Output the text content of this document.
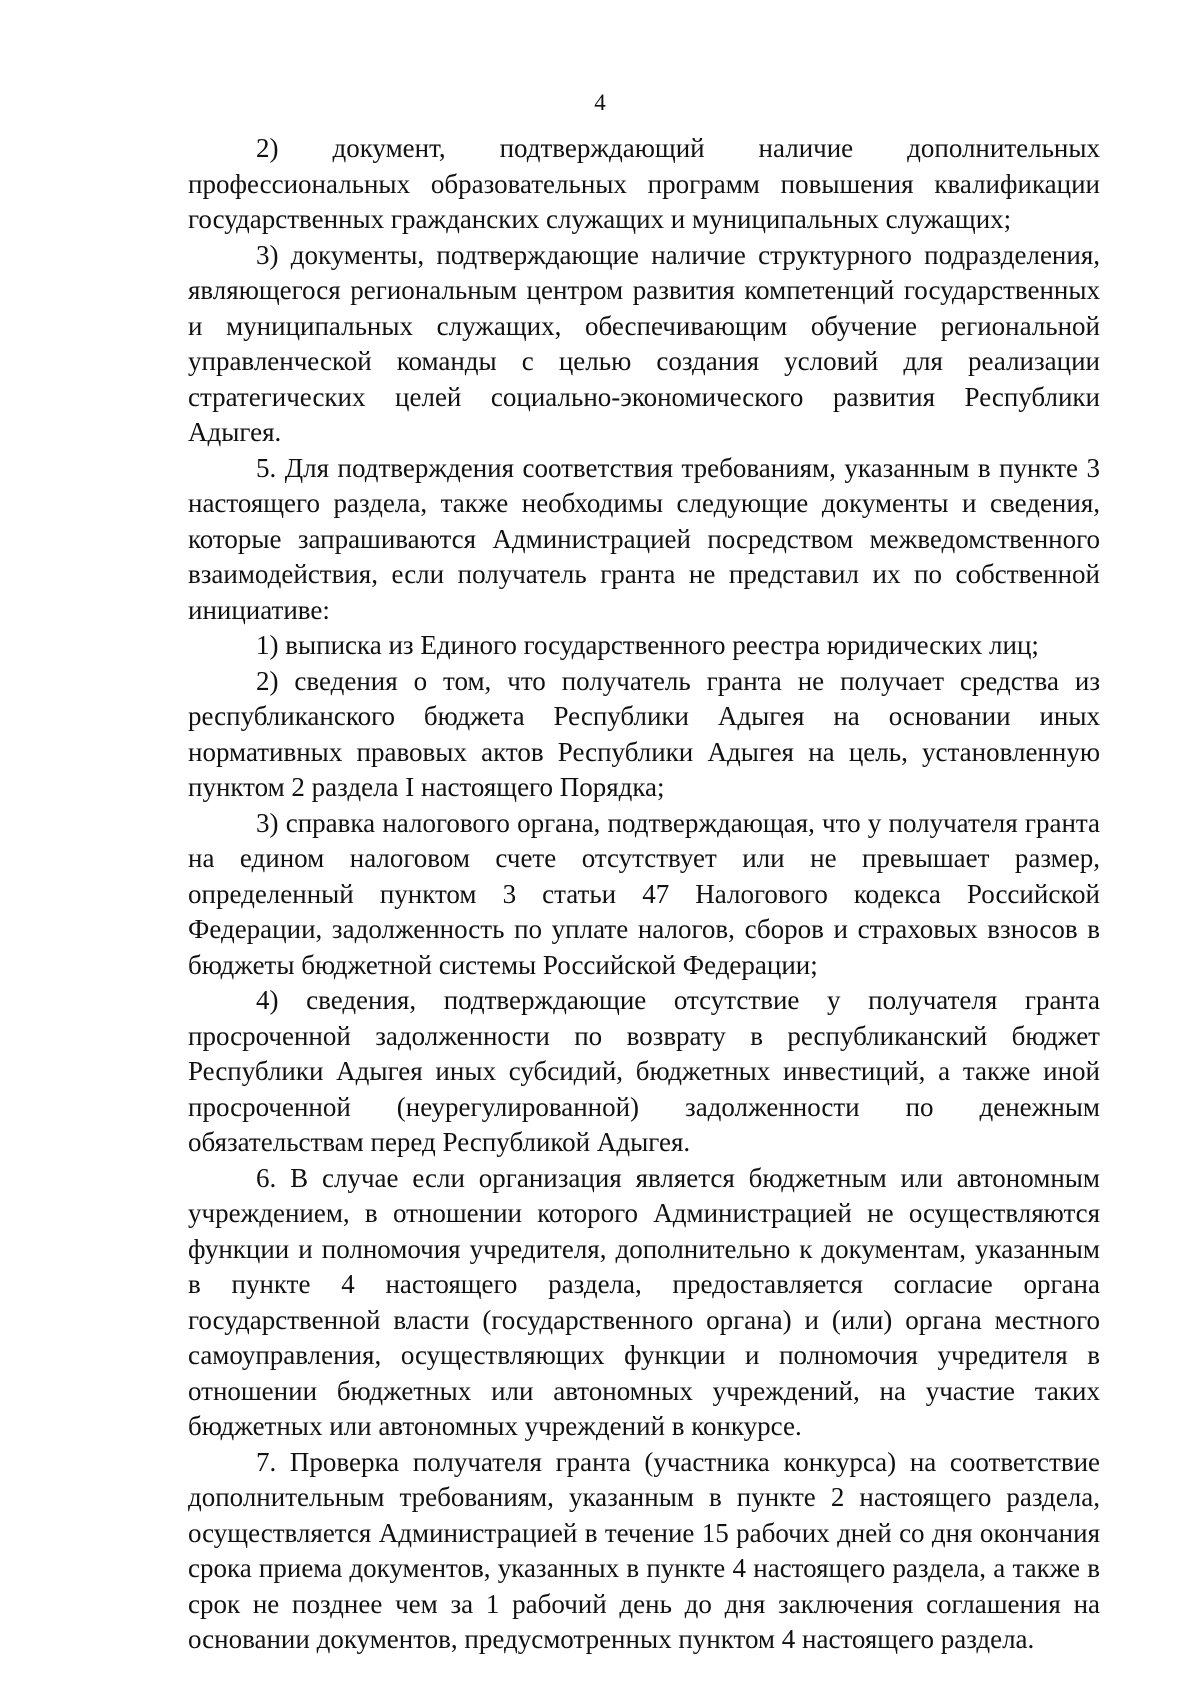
4

2) документ, подтверждающий наличие дополнительных профессиональных образовательных программ повышения квалификации государственных гражданских служащих и муниципальных служащих;

3) документы, подтверждающие наличие структурного подразделения, являющегося региональным центром развития компетенций государственных и муниципальных служащих, обеспечивающим обучение региональной управленческой команды с целью создания условий для реализации стратегических целей социально-экономического развития Республики Адыгея.

5. Для подтверждения соответствия требованиям, указанным в пункте 3 настоящего раздела, также необходимы следующие документы и сведения, которые запрашиваются Администрацией посредством межведомственного взаимодействия, если получатель гранта не представил их по собственной инициативе:

1) выписка из Единого государственного реестра юридических лиц;

2) сведения о том, что получатель гранта не получает средства из республиканского бюджета Республики Адыгея на основании иных нормативных правовых актов Республики Адыгея на цель, установленную пунктом 2 раздела I настоящего Порядка;

3) справка налогового органа, подтверждающая, что у получателя гранта на едином налоговом счете отсутствует или не превышает размер, определенный пунктом 3 статьи 47 Налогового кодекса Российской Федерации, задолженность по уплате налогов, сборов и страховых взносов в бюджеты бюджетной системы Российской Федерации;

4) сведения, подтверждающие отсутствие у получателя гранта просроченной задолженности по возврату в республиканский бюджет Республики Адыгея иных субсидий, бюджетных инвестиций, а также иной просроченной (неурегулированной) задолженности по денежным обязательствам перед Республикой Адыгея.

6. В случае если организация является бюджетным или автономным учреждением, в отношении которого Администрацией не осуществляются функции и полномочия учредителя, дополнительно к документам, указанным в пункте 4 настоящего раздела, предоставляется согласие органа государственной власти (государственного органа) и (или) органа местного самоуправления, осуществляющих функции и полномочия учредителя в отношении бюджетных или автономных учреждений, на участие таких бюджетных или автономных учреждений в конкурсе.

7. Проверка получателя гранта (участника конкурса) на соответствие дополнительным требованиям, указанным в пункте 2 настоящего раздела, осуществляется Администрацией в течение 15 рабочих дней со дня окончания срока приема документов, указанных в пункте 4 настоящего раздела, а также в срок не позднее чем за 1 рабочий день до дня заключения соглашения на основании документов, предусмотренных пунктом 4 настоящего раздела.
